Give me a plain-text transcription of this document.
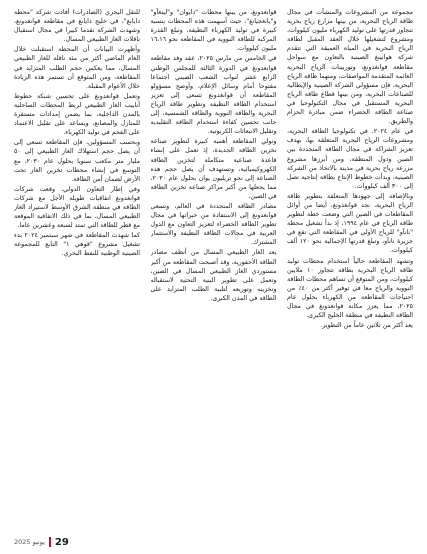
مجموعة من المشروعات والمنشآت في مجال طاقة الرياح البحرية، من بينها مزارع رياح بحرية تتجاوز قدرتها على توليد الكهرباء مليون كيلووات، ومشروع لتشغيلها خلال العقد المقبل لطاقة الرياح البحرية في المياه العميقة التي تتقدم شركة هوانينغ الصينية بالتعاون مع سواحل مقاطعة قوانغدونغ، وتوربينات الرياح البحرية العائمة المتقدمة المواصفات، ومنهما طاقة الرياح البحرية، فإن مسؤولي الشركة الصينية والإيطالية للصناعات البحرية، ومن بينها قطاع طاقة الرياح البحرية المستقبل في مجال التكنولوجيا في صناعة الطاقة الخضراء ضمن مبادرة الحزام والطريق.

في عام ٢٠٢٤، في تكنولوجيا الطاقة البحرية، ومشروعات الرياح البحرية المتعلقة بها، بهدف تعزيز الشراكة في مجال الطاقة المتجددة بين الصين ودول المنطقة، ومن أبرزها مشروع مزرعة رياح بحرية في مدينة بالاتخاذ من الشركة الصينية، وبدأت خطوط الإنتاج بطاقة إنتاجية تصل إلى ٣٠٠ ألف كيلووات.

وبالإضافة إلى جهودها المتعلقة بتطوير طاقة الرياح البحرية، نجد قوانغدونغ، أيضا من أوائل المقاطعات في الصين التي وضعت خطة لتطوير طاقة الرياح في عام ١٩٩٤، إذ بدأ تشغيل محطة "نانآو" للرياح الأولى في المقاطعة التي تقع في جزيرة نانآو، وتبلغ قدرتها الإجمالية نحو ١٢٠ ألف كيلووات.

وتشهد المقاطعة حالياً استخدام محطات توليد طاقة الرياح البحرية بطاقة تتجاوز ١٠ ملايين كيلووات، ومن المتوقع أن تساهم محطات الطاقة النووية والرياح معا في توفير أكثر من ٤٠٪ من احتياجات المقاطعة من الكهرباء بحلول عام ٢٠٢٥، مما يعزز مكانة قوانغدونغ في مجال الطاقة النظيفة في منطقة الخليج الكبرى.

يعد أكثر من ثلاثين عاماً من التطوير.

قوانغدونغ، من بينها محطات "دايوان" و"لينغآو" و"يانغجيانغ"، حيث أسهمت هذه المحطات بنسبة كبيرة في توليد الكهرباء النظيفة، وتبلغ القدرة المركبة للطاقة النووية في المقاطعة نحو ١٦،١٦ مليون كيلووات.

في الخامس من مارس ٢٠٢٥، عقد وفد مقاطعة قوانغدونغ في الدورة الثالثة للمجلس الوطني الرابع عشر لنواب الشعب الصيني اجتماعا مفتوحا أمام وسائل الإعلام، وأوضح مسؤولو المقاطعة أن قوانغدونغ تسعى إلى تعزيز استخدام الطاقة النظيفة وتطوير طاقة الرياح البحرية والطاقة النووية والطاقة الشمسية، إلى جانب تحسين كفاءة استخدام الطاقة التقليدية وتقليل الانبعاثات الكربونية.

وتولي المقاطعة أهمية كبيرة لتطوير صناعة تخزين الطاقة الجديدة، إذ تعمل على إنشاء قاعدة صناعية متكاملة لتخزين الطاقة الكهروكيميائية، وتستهدف أن يصل حجم هذه الصناعة إلى نحو تريليون يوان بحلول عام ٢٠٣٠، مما يجعلها من أكبر مراكز صناعة تخزين الطاقة في الصين.

مصادر الطاقة المتجددة في العالم، وتسعى قوانغدونغ إلى الاستفادة من خبراتها في مجال تطوير الطاقة الخضراء لتعزيز التعاون مع الدول العربية في مجالات الطاقة النظيفة والاستثمار المشترك.

يعد الغاز الطبيعي المسال من أنظف مصادر الطاقة الأحفورية، وقد أصبحت المقاطعة من أكبر مستوردي الغاز الطبيعي المسال في الصين، وتعمل على تطوير البنية التحتية لاستقباله وتخزينه وتوزيعه لتلبية الطلب المتزايد على الطاقة في المدن الكبرى.

للنقل البحري (الصادرات) أفادت شركة "محطة دايانغ"، في خليج دايانغ في مقاطعة قوانغدونغ، وشهدت الشركة تقدما كبيرا في مجال استقبال ناقلات الغاز الطبيعي المسال.

وأظهرت البيانات أن المحطة استقبلت خلال العام الماضي أكثر من مئة ناقلة للغاز الطبيعي المسال، مما يعكس حجم الطلب المتزايد في المقاطعة، ومن المتوقع أن تستمر هذه الزيادة خلال الأعوام المقبلة.

وتعمل قوانغدونغ على تحسين شبكة خطوط أنابيب الغاز الطبيعي لربط المحطات الساحلية بالمدن الداخلية، بما يضمن إمدادات مستقرة للمنازل والمصانع، ويساعد على تقليل الاعتماد على الفحم في توليد الكهرباء.

وبحسب المسؤولين، فإن المقاطعة تسعى إلى أن يصل حجم استهلاك الغاز الطبيعي إلى ٥٠ مليار متر مكعب سنويا بحلول عام ٢٠٣٠، مع التوسع في إنشاء محطات تخزين الغاز تحت الأرض لضمان أمن الطاقة.

وفي إطار التعاون الدولي، وقعت شركات قوانغدونغ اتفاقيات طويلة الأجل مع شركات الطاقة في منطقة الشرق الأوسط لاستيراد الغاز الطبيعي المسال، بما في ذلك الاتفاقية الموقعة مع قطر للطاقة التي تمتد لسبعة وعشرين عاما.

كما شهدت المقاطعة في شهر سبتمبر ٢٠٢٤ بدء تشغيل مشروع "قوهي ١" التابع للمجموعة الصينية الوطنية للنفط البحري.

29
يونيو 2025
